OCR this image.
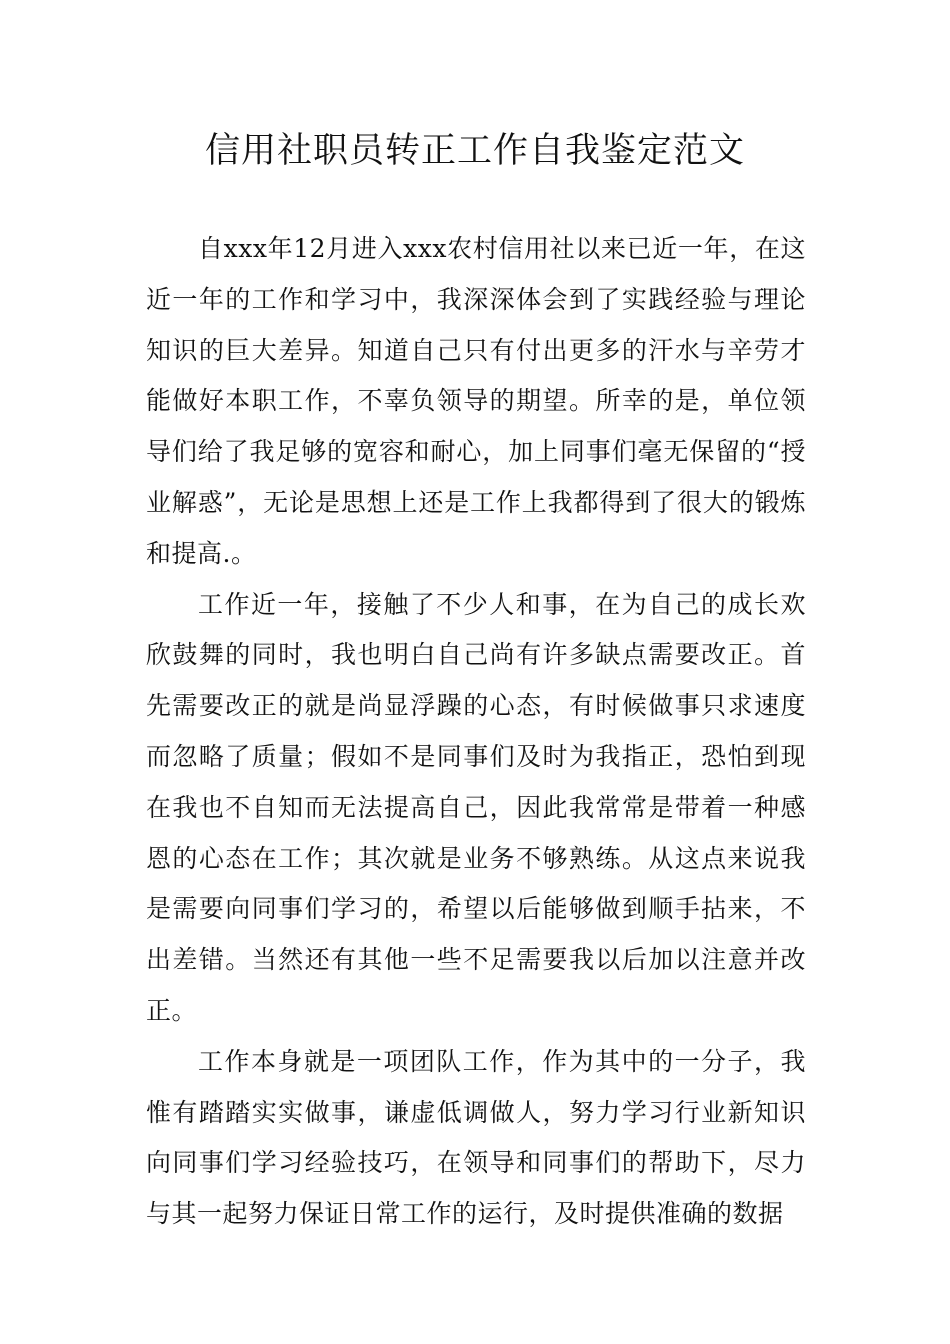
信用社职员转正工作自我鉴定范文

自xxx年12月进入xxx农村信用社以来已近一年，在这近一年的工作和学习中，我深深体会到了实践经验与理论知识的巨大差异。知道自己只有付出更多的汗水与辛劳才能做好本职工作，不辜负领导的期望。所幸的是，单位领导们给了我足够的宽容和耐心，加上同事们毫无保留的“授业解惑”，无论是思想上还是工作上我都得到了很大的锻炼和提高.。

工作近一年，接触了不少人和事，在为自己的成长欢欣鼓舞的同时，我也明白自己尚有许多缺点需要改正。首先需要改正的就是尚显浮躁的心态，有时候做事只求速度而忽略了质量；假如不是同事们及时为我指正，恐怕到现在我也不自知而无法提高自己，因此我常常是带着一种感恩的心态在工作；其次就是业务不够熟练。从这点来说我是需要向同事们学习的，希望以后能够做到顺手拈来，不出差错。当然还有其他一些不足需要我以后加以注意并改正。

工作本身就是一项团队工作，作为其中的一分子，我惟有踏踏实实做事，谦虚低调做人，努力学习行业新知识向同事们学习经验技巧，在领导和同事们的帮助下，尽力与其一起努力保证日常工作的运行，及时提供准确的数据
